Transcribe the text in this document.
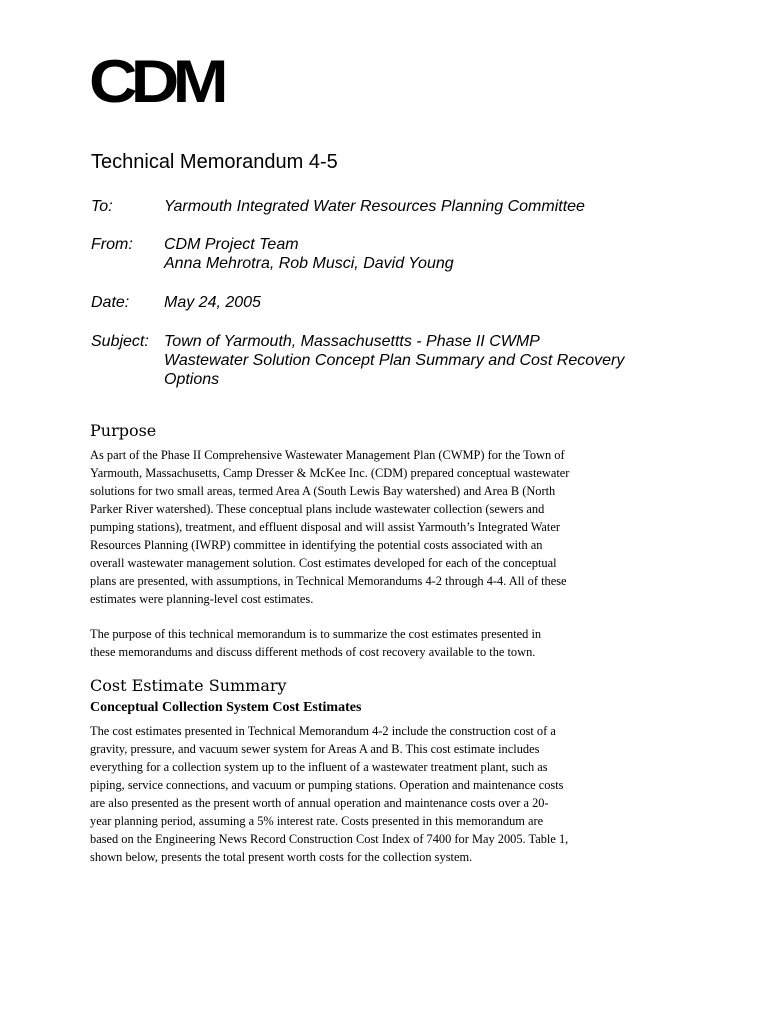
CDM
Technical Memorandum 4-5
To:	Yarmouth Integrated Water Resources Planning Committee
From: CDM Project Team
Anna Mehrotra, Rob Musci, David Young
Date: May 24, 2005
Subject: Town of Yarmouth, Massachusettts - Phase II CWMP
Wastewater Solution Concept Plan Summary and Cost Recovery
Options
Purpose

As part of the Phase II Comprehensive Wastewater Management Plan (CWMP) for the Town of
Yarmouth, Massachusetts, Camp Dresser & McKee Inc. (CDM) prepared conceptual wastewater
solutions for two small areas, termed Area A (South Lewis Bay watershed) and Area B (North
Parker River watershed). These conceptual plans include wastewater collection (sewers and
pumping stations), treatment, and effluent disposal and will assist Yarmouth’s Integrated Water
Resources Planning (IWRP) committee in identifying the potential costs associated with an
overall wastewater management solution. Cost estimates developed for each of the conceptual
plans are presented, with assumptions, in Technical Memorandums 4-2 through 4-4. All of these
estimates were planning-level cost estimates.

The purpose of this technical memorandum is to summarize the cost estimates presented in
these memorandums and discuss different methods of cost recovery available to the town.

Cost Estimate Summary
Conceptual Collection System Cost Estimates

The cost estimates presented in Technical Memorandum 4-2 include the construction cost of a
gravity, pressure, and vacuum sewer system for Areas A and B. This cost estimate includes
everything for a collection system up to the influent of a wastewater treatment plant, such as
piping, service connections, and vacuum or pumping stations. Operation and maintenance costs
are also presented as the present worth of annual operation and maintenance costs over a 20-
year planning period, assuming a 5% interest rate. Costs presented in this memorandum are
based on the Engineering News Record Construction Cost Index of 7400 for May 2005. Table 1,
shown below, presents the total present worth costs for the collection system.
